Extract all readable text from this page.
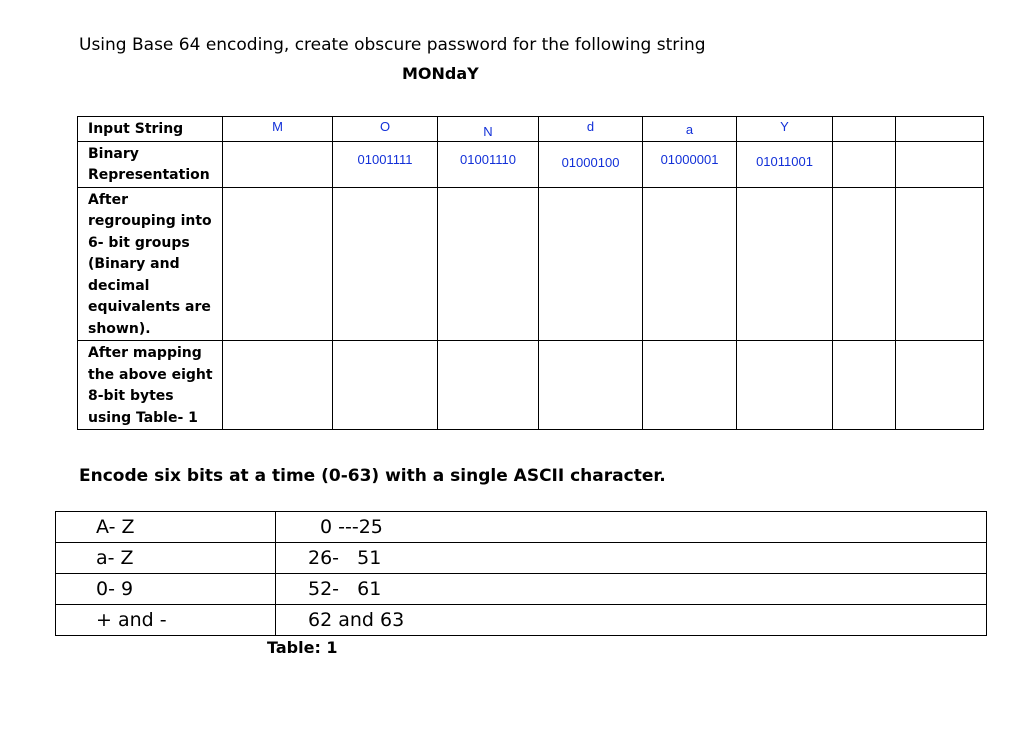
Using Base 64 encoding, create obscure password for the following string
MONdaY
Input String	M	O	N	d	a	Y		
Binary Representation		01001111	01001110	01000100	01000001	01011001		
After regrouping into 6- bit groups (Binary and decimal equivalents are shown).								
After mapping the above eight 8-bit bytes using Table- 1								
Encode six bits at a time (0-63) with a single ASCII character.
A- Z	0 ---25
a- Z	26-   51
0- 9	52-   61
+ and -	62 and 63
Table: 1
